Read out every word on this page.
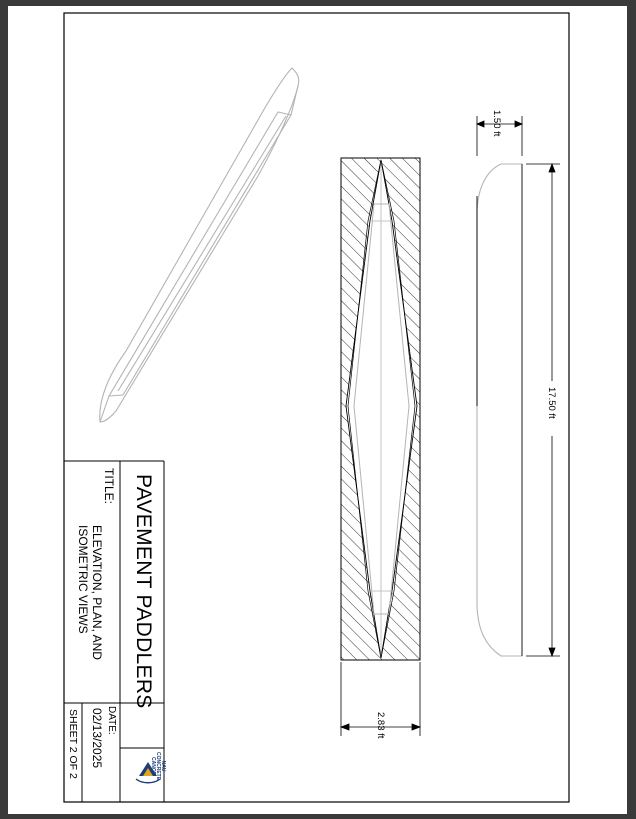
PAVEMENT PADDLERS
TITLE:
ELEVATION, PLAN, AND
ISOMETRIC VIEWS
DATE:
02/13/2025
SHEET 2 OF 2
1.50 ft
17.50 ft
2.83 ft
NAU
CONCRETE
CANOE
